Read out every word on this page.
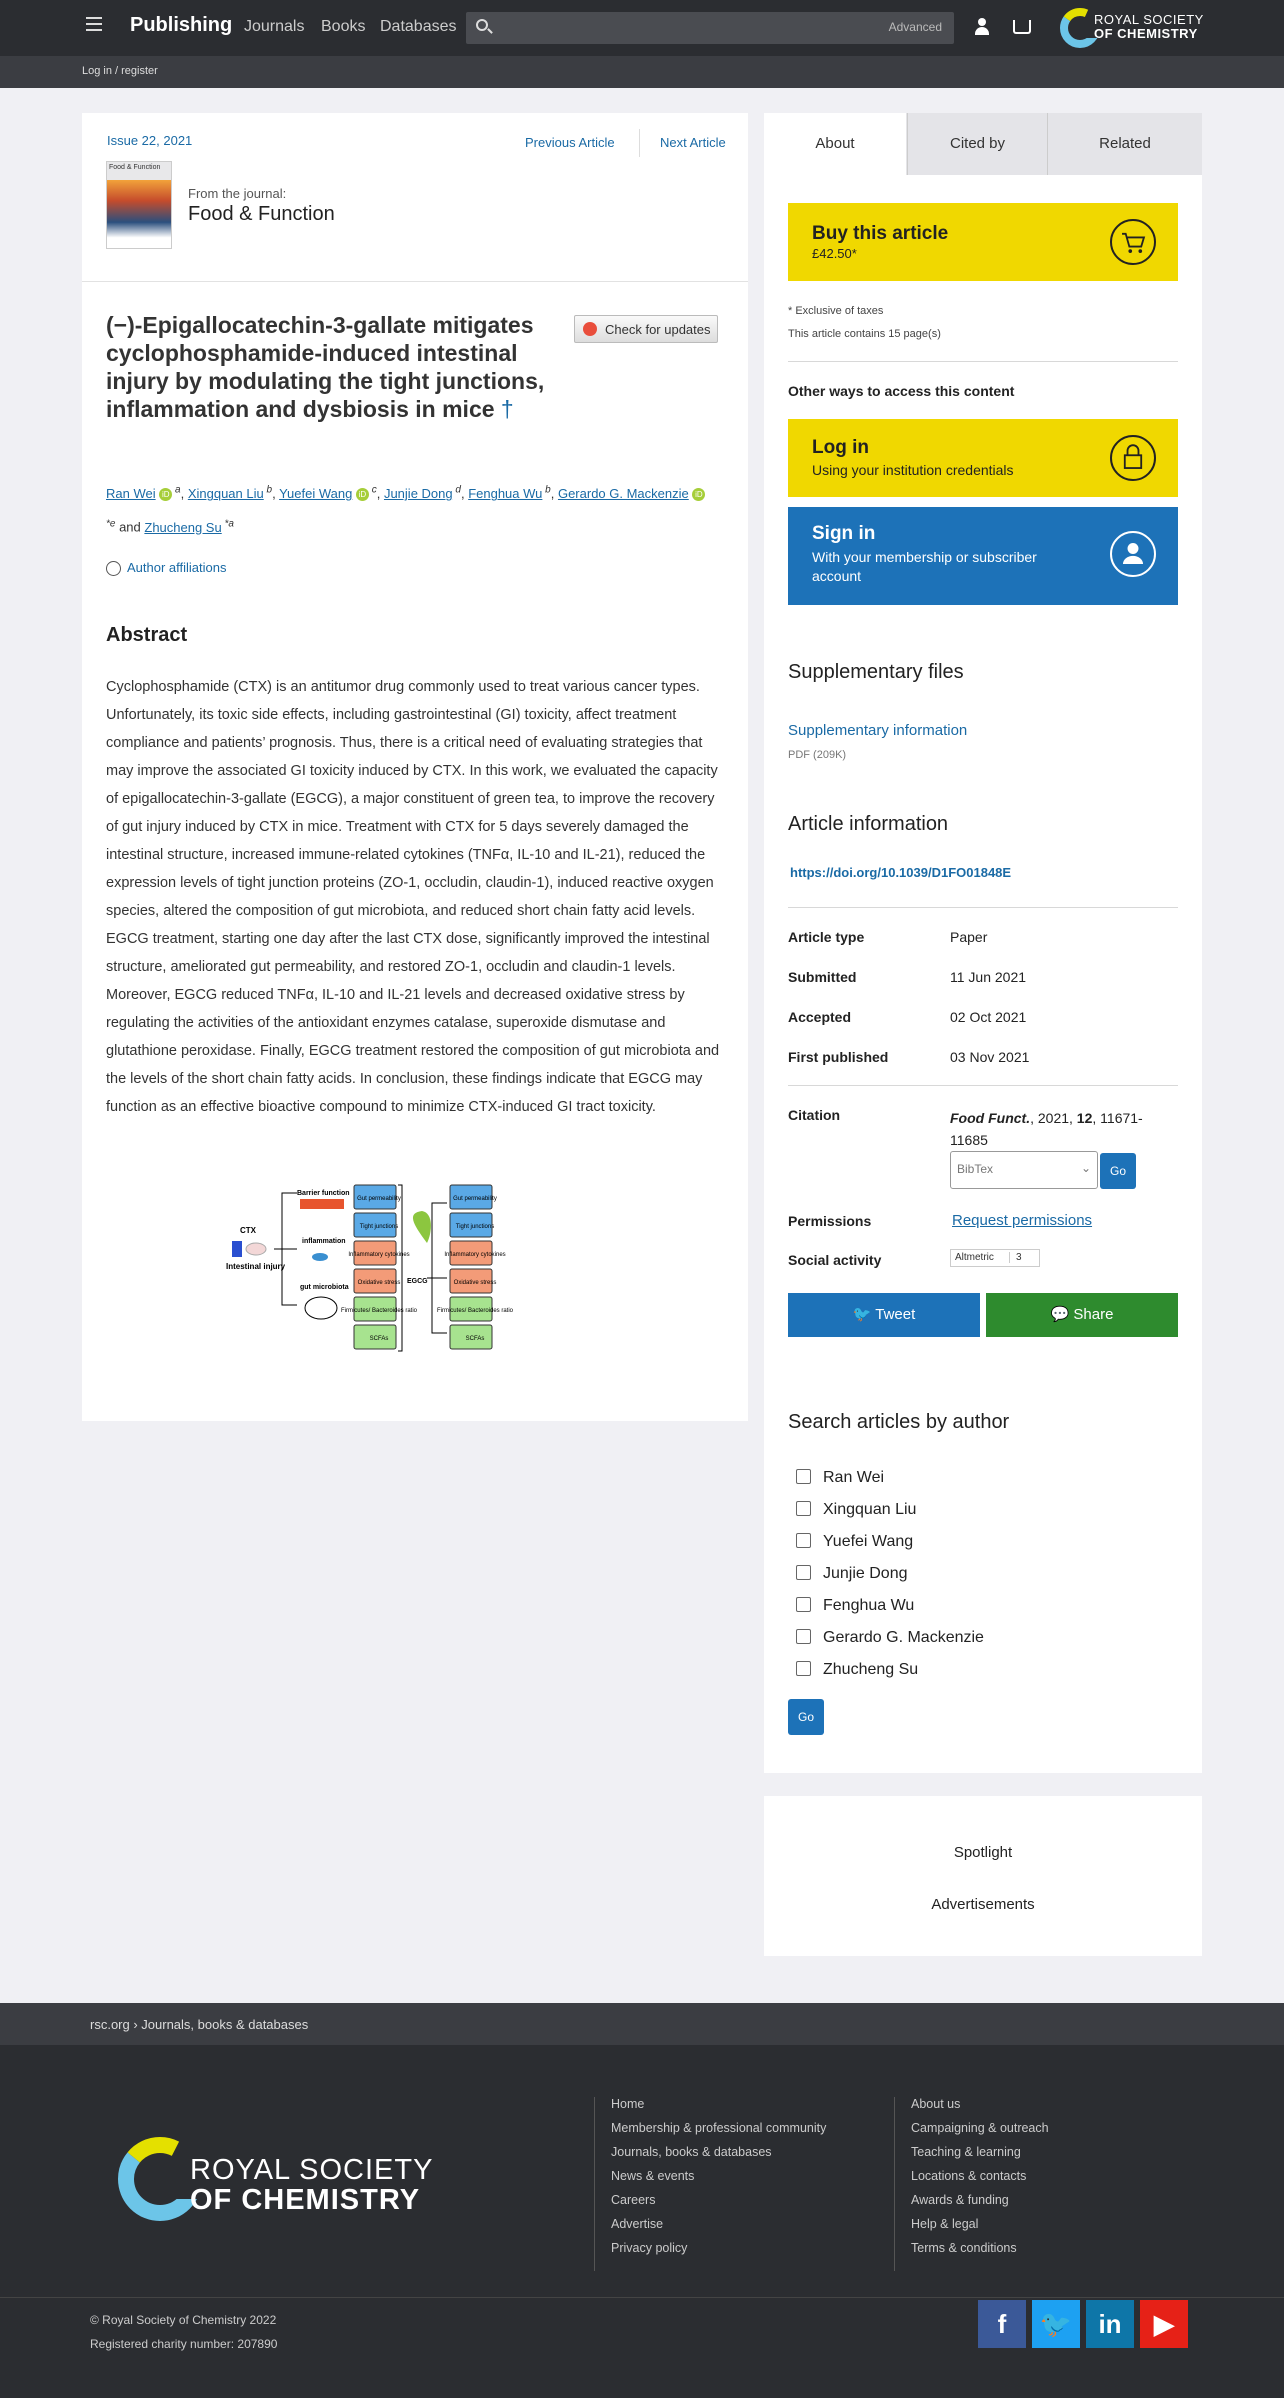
Publishing Journals Books Databases	Advanced	ROYAL SOCIETY
OF CHEMISTRY
Log in / register
Issue 22, 2021	Previous Article	Next Article
Food & Function
From the journal:
Food & Function
(−)-Epigallocatechin-3-gallate mitigates cyclophosphamide-induced intestinal injury by modulating the tight junctions, inflammation and dysbiosis in mice †
Check for updates
Ran Wei iD $^a$, Xingquan Liu $^b$, Yuefei Wang iD $^c$, Junjie Dong $^d$, Fenghua Wu $^b$, Gerardo G. Mackenzie iD $^{*e}$ and Zhucheng Su $^{*a}$
Author affiliations
Abstract
Cyclophosphamide (CTX) is an antitumor drug commonly used to treat various cancer types. Unfortunately, its toxic side effects, including gastrointestinal (GI) toxicity, affect treatment compliance and patients’ prognosis. Thus, there is a critical need of evaluating strategies that may improve the associated GI toxicity induced by CTX. In this work, we evaluated the capacity of epigallocatechin-3-gallate (EGCG), a major constituent of green tea, to improve the recovery of gut injury induced by CTX in mice. Treatment with CTX for 5 days severely damaged the intestinal structure, increased immune-related cytokines (TNFα, IL-10 and IL-21), reduced the expression levels of tight junction proteins (ZO-1, occludin, claudin-1), induced reactive oxygen species, altered the composition of gut microbiota, and reduced short chain fatty acid levels. EGCG treatment, starting one day after the last CTX dose, significantly improved the intestinal structure, ameliorated gut permeability, and restored ZO-1, occludin and claudin-1 levels. Moreover, EGCG reduced TNFα, IL-10 and IL-21 levels and decreased oxidative stress by regulating the activities of the antioxidant enzymes catalase, superoxide dismutase and glutathione peroxidase. Finally, EGCG treatment restored the composition of gut microbiota and the levels of the short chain fatty acids. In conclusion, these findings indicate that EGCG may function as an effective bioactive compound to minimize CTX-induced GI tract toxicity.
CTX
Intestinal injury
Barrier function
inflammation
gut microbiota
Gut permeability
Tight junctions
Inflammatory cytokines
Oxidative stress
Firmicutes/ Bacteroides ratio
SCFAs
EGCG
Gut permeability
Tight junctions
Inflammatory cytokines
Oxidative stress
Firmicutes/ Bacteroides ratio
SCFAs
About	Cited by	Related
Buy this article
£42.50*
* Exclusive of taxes
This article contains 15 page(s)
Other ways to access this content
Log in
Using your institution credentials
Sign in
With your membership or subscriber account
Supplementary files
Supplementary information
PDF (209K)
Article information
https://doi.org/10.1039/D1FO01848E
Article type	Paper
Submitted	11 Jun 2021
Accepted	02 Oct 2021
First published	03 Nov 2021
Citation	Food Funct., 2021, 12, 11671-11685
BibTex	⌄	Go
Permissions	Request permissions
Social activity	Altmetric	3
🐦 Tweet	💬 Share
Search articles by author
Ran Wei
Xingquan Liu
Yuefei Wang
Junjie Dong
Fenghua Wu
Gerardo G. Mackenzie
Zhucheng Su
Go
Spotlight
Advertisements
rsc.org › Journals, books & databases
ROYAL SOCIETY
OF CHEMISTRY
Home
Membership & professional community
Journals, books & databases
News & events
Careers
Advertise
Privacy policy
About us
Campaigning & outreach
Teaching & learning
Locations & contacts
Awards & funding
Help & legal
Terms & conditions
© Royal Society of Chemistry 2022
Registered charity number: 207890
f	🐦	in	▶
